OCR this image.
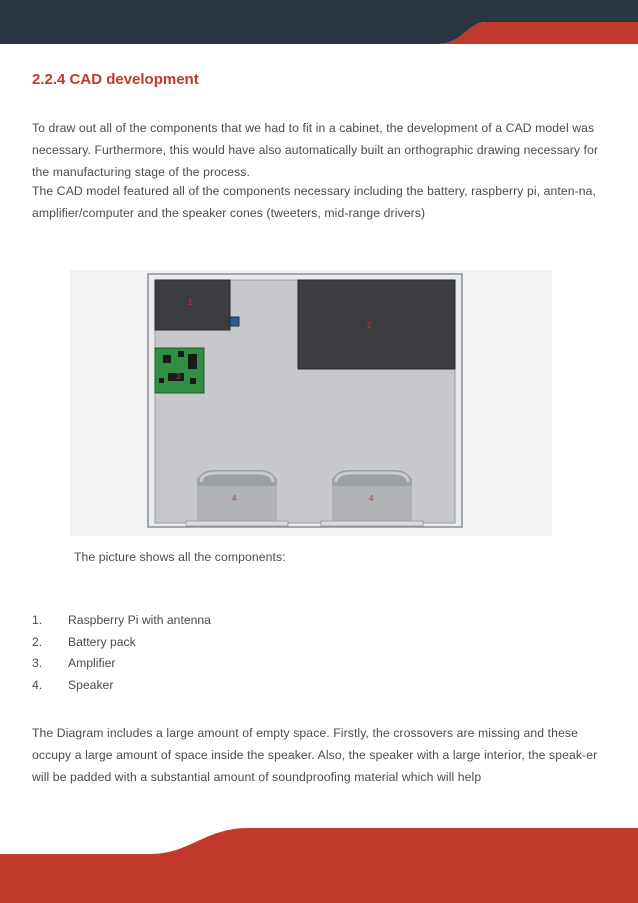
2.2.4 CAD development

To draw out all of the components that we had to fit in a cabinet, the development of a CAD model was necessary. Furthermore, this would have also automatically built an orthographic drawing necessary for the manufacturing stage of the process.

The CAD model featured all of the components necessary including the battery, raspberry pi, anten-na, amplifier/computer and the speaker cones (tweeters, mid-range drivers)

1
2
3
4	4

The picture shows all the components:

1. Raspberry Pi with antenna
2. Battery pack
3. Amplifier
4. Speaker

The Diagram includes a large amount of empty space. Firstly, the crossovers are missing and these occupy a large amount of space inside the speaker. Also, the speaker with a large interior, the speak-er will be padded with a substantial amount of soundproofing material which will help
